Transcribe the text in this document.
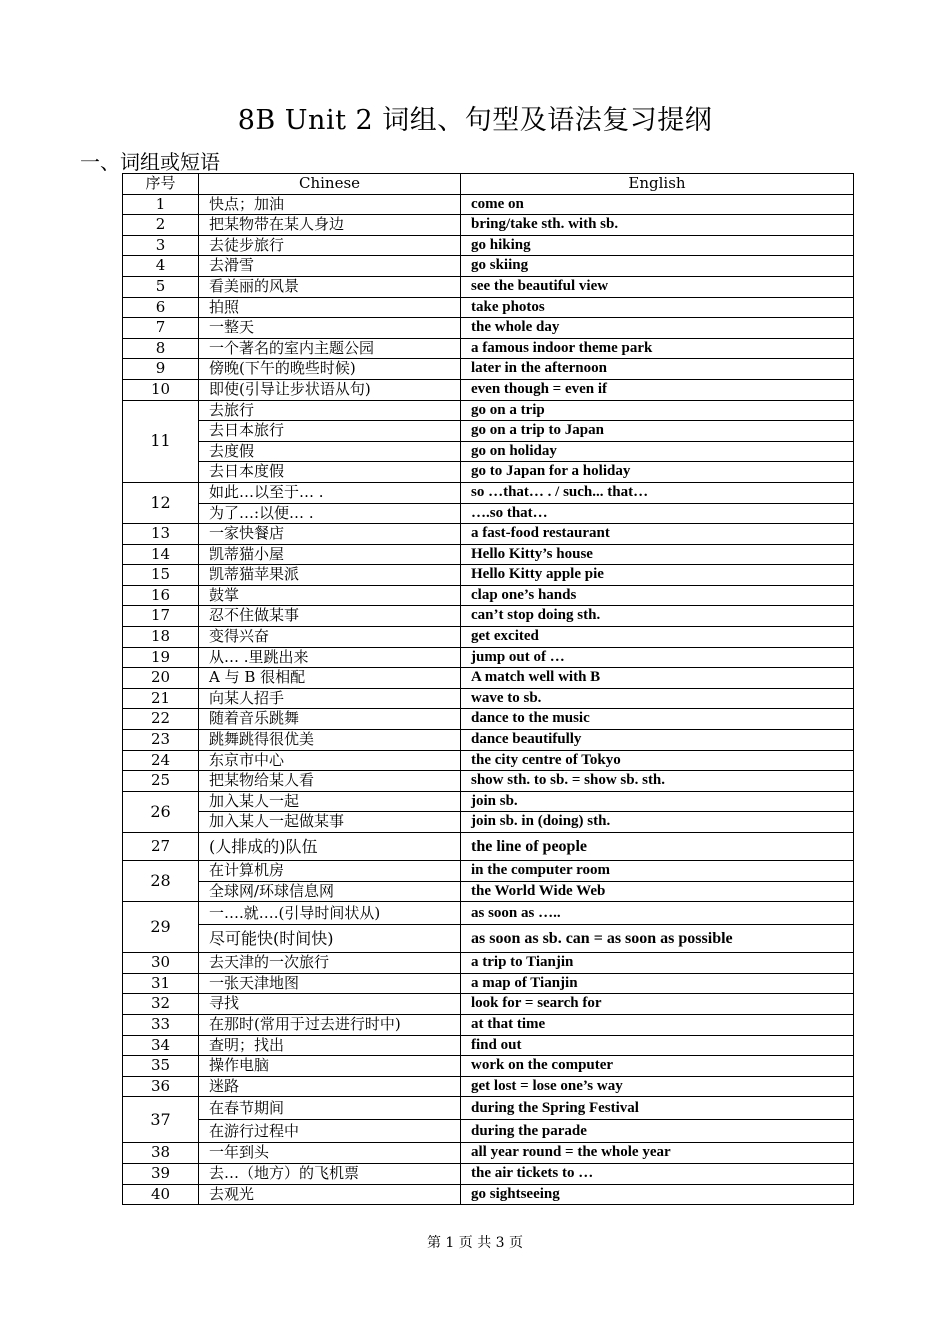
8B Unit 2 词组、句型及语法复习提纲
一、词组或短语
序号	Chinese	English
1	快点；加油	come on
2	把某物带在某人身边	bring/take sth. with sb.
3	去徒步旅行	go hiking
4	去滑雪	go skiing
5	看美丽的风景	see the beautiful view
6	拍照	take photos
7	一整天	the whole day
8	一个著名的室内主题公园	a famous indoor theme park
9	傍晚(下午的晚些时候)	later in the afternoon
10	即使(引导让步状语从句)	even though = even if
11	去旅行	go on a trip
	去日本旅行	go on a trip to Japan
	去度假	go on holiday
	去日本度假	go to Japan for a holiday
12	如此…以至于… .	so …that… . / such... that…
	为了…:以便… .	….so that…
13	一家快餐店	a fast-food restaurant
14	凯蒂猫小屋	Hello Kitty’s house
15	凯蒂猫苹果派	Hello Kitty apple pie
16	鼓掌	clap one’s hands
17	忍不住做某事	can’t stop doing sth.
18	变得兴奋	get excited
19	从… .里跳出来	jump out of …
20	A 与 B 很相配	A match well with B
21	向某人招手	wave to sb.
22	随着音乐跳舞	dance to the music
23	跳舞跳得很优美	dance beautifully
24	东京市中心	the city centre of Tokyo
25	把某物给某人看	show sth. to sb. = show sb. sth.
26	加入某人一起	join sb.
	加入某人一起做某事	join sb. in (doing) sth.
27	(人排成的)队伍	the line of people
28	在计算机房	in the computer room
	全球网/环球信息网	the World Wide Web
29	一….就….(引导时间状从)	as soon as …..
	尽可能快(时间快)	as soon as sb. can = as soon as possible
30	去天津的一次旅行	a trip to Tianjin
31	一张天津地图	a map of Tianjin
32	寻找	look for = search for
33	在那时(常用于过去进行时中)	at that time
34	查明；找出	find out
35	操作电脑	work on the computer
36	迷路	get lost = lose one’s way
37	在春节期间	during the Spring Festival
	在游行过程中	during the parade
38	一年到头	all year round = the whole year
39	去…（地方）的飞机票	the air tickets to …
40	去观光	go sightseeing
第 1 页 共 3 页
